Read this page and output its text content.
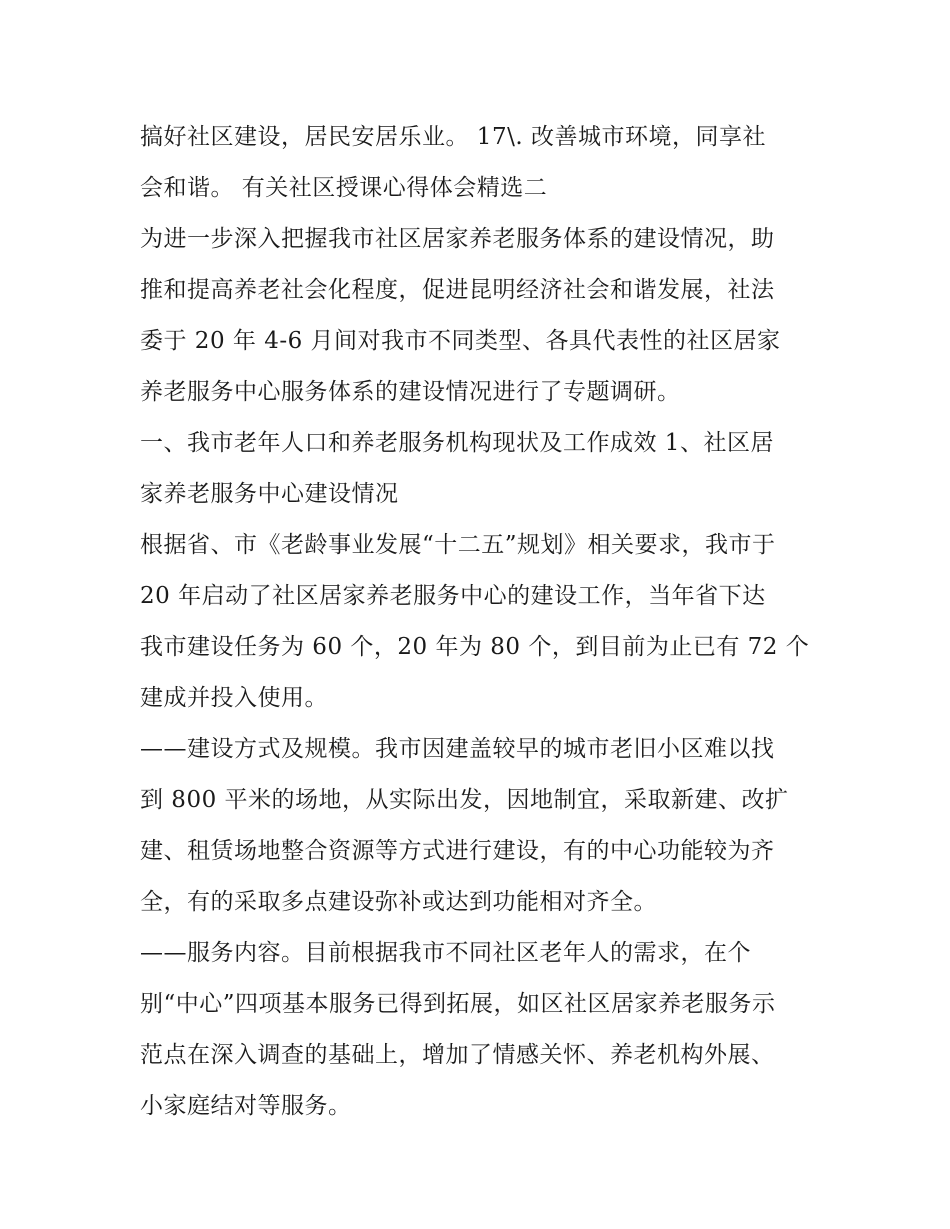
搞好社区建设，居民安居乐业。 17\. 改善城市环境，同享社
会和谐。 有关社区授课心得体会精选二
为进一步深入把握我市社区居家养老服务体系的建设情况，助
推和提高养老社会化程度，促进昆明经济社会和谐发展，社法
委于 20 年 4-6 月间对我市不同类型、各具代表性的社区居家
养老服务中心服务体系的建设情况进行了专题调研。
一、我市老年人口和养老服务机构现状及工作成效 1、社区居
家养老服务中心建设情况
根据省、市《老龄事业发展“十二五”规划》相关要求，我市于
20 年启动了社区居家养老服务中心的建设工作，当年省下达
我市建设任务为 60 个，20 年为 80 个，到目前为止已有 72 个
建成并投入使用。
——建设方式及规模。我市因建盖较早的城市老旧小区难以找
到 800 平米的场地，从实际出发，因地制宜，采取新建、改扩
建、租赁场地整合资源等方式进行建设，有的中心功能较为齐
全，有的采取多点建设弥补或达到功能相对齐全。
——服务内容。目前根据我市不同社区老年人的需求，在个
别“中心”四项基本服务已得到拓展，如区社区居家养老服务示
范点在深入调查的基础上，增加了情感关怀、养老机构外展、
小家庭结对等服务。
